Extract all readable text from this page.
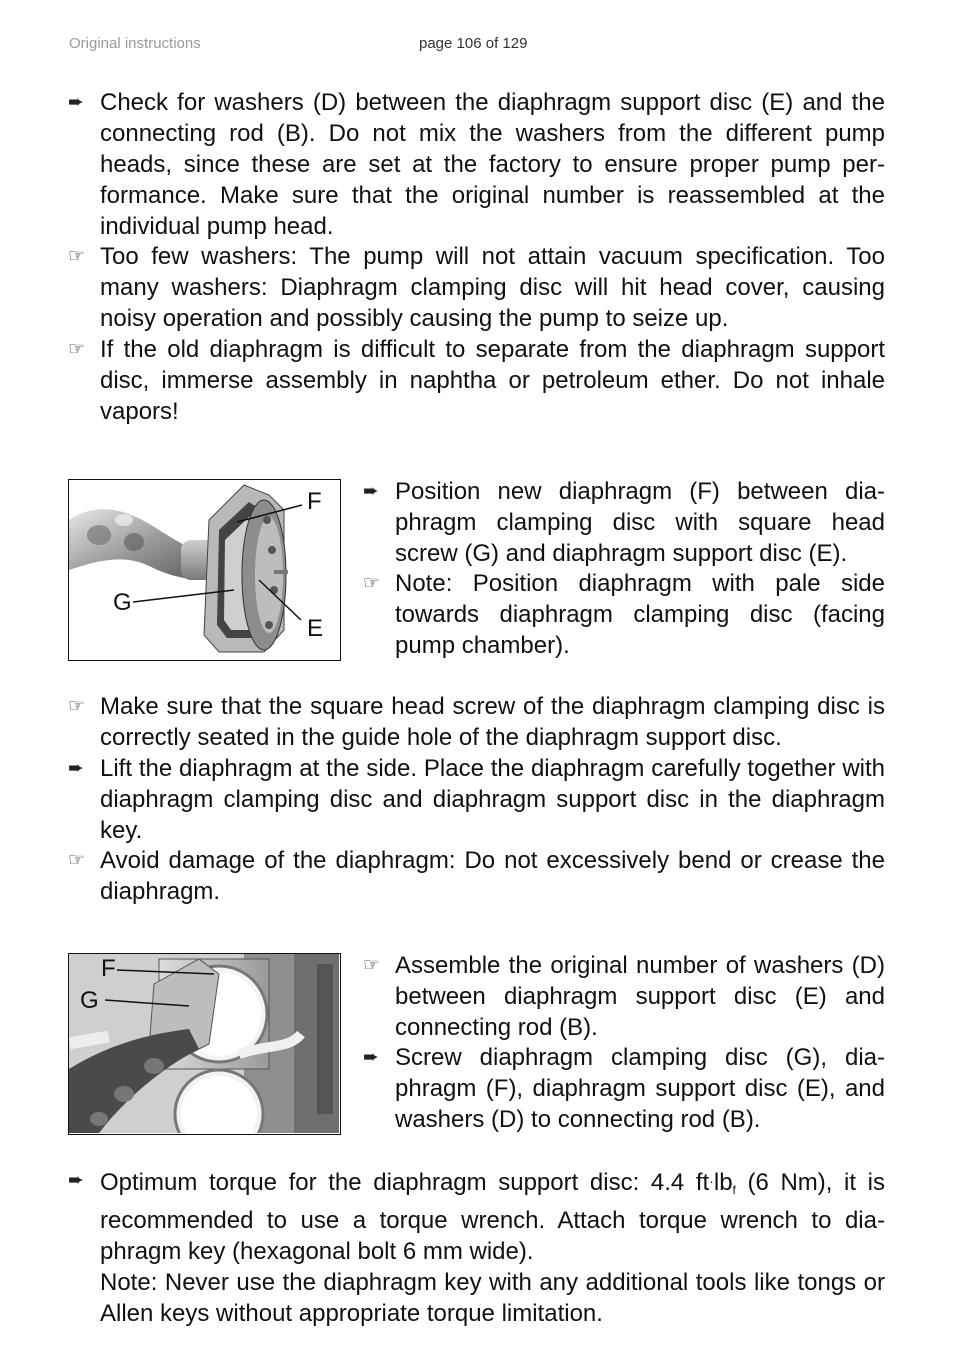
Original instructions	page 106 of 129
➨ Check for washers (D) between the diaphragm support disc (E) and the connecting rod (B). Do not mix the washers from the different pump heads, since these are set at the factory to ensure proper pump performance. Make sure that the original number is reassembled at the individual pump head.
☞ Too few washers: The pump will not attain vacuum specification. Too many washers: Diaphragm clamping disc will hit head cover, causing noisy operation and possibly causing the pump to seize up.
☞ If the old diaphragm is difficult to separate from the diaphragm support disc, immerse assembly in naphtha or petroleum ether. Do not inhale vapors!
F
G
E
➨ Position new diaphragm (F) between diaphragm clamping disc with square head screw (G) and diaphragm support disc (E).
☞ Note: Position diaphragm with pale side towards diaphragm clamping disc (facing pump chamber).
☞ Make sure that the square head screw of the diaphragm clamping disc is correctly seated in the guide hole of the diaphragm support disc.
➨ Lift the diaphragm at the side. Place the diaphragm carefully together with diaphragm clamping disc and diaphragm support disc in the diaphragm key.
☞ Avoid damage of the diaphragm: Do not excessively bend or crease the diaphragm.
F
G
☞ Assemble the original number of washers (D) between diaphragm support disc (E) and connecting rod (B).
➨ Screw diaphragm clamping disc (G), diaphragm (F), diaphragm support disc (E), and washers (D) to connecting rod (B).
➨ Optimum torque for the diaphragm support disc: 4.4 $ft\cdot lb_f$ (6 Nm), it is recommended to use a torque wrench. Attach torque wrench to diaphragm key (hexagonal bolt 6 mm wide).
Note: Never use the diaphragm key with any additional tools like tongs or Allen keys without appropriate torque limitation.
